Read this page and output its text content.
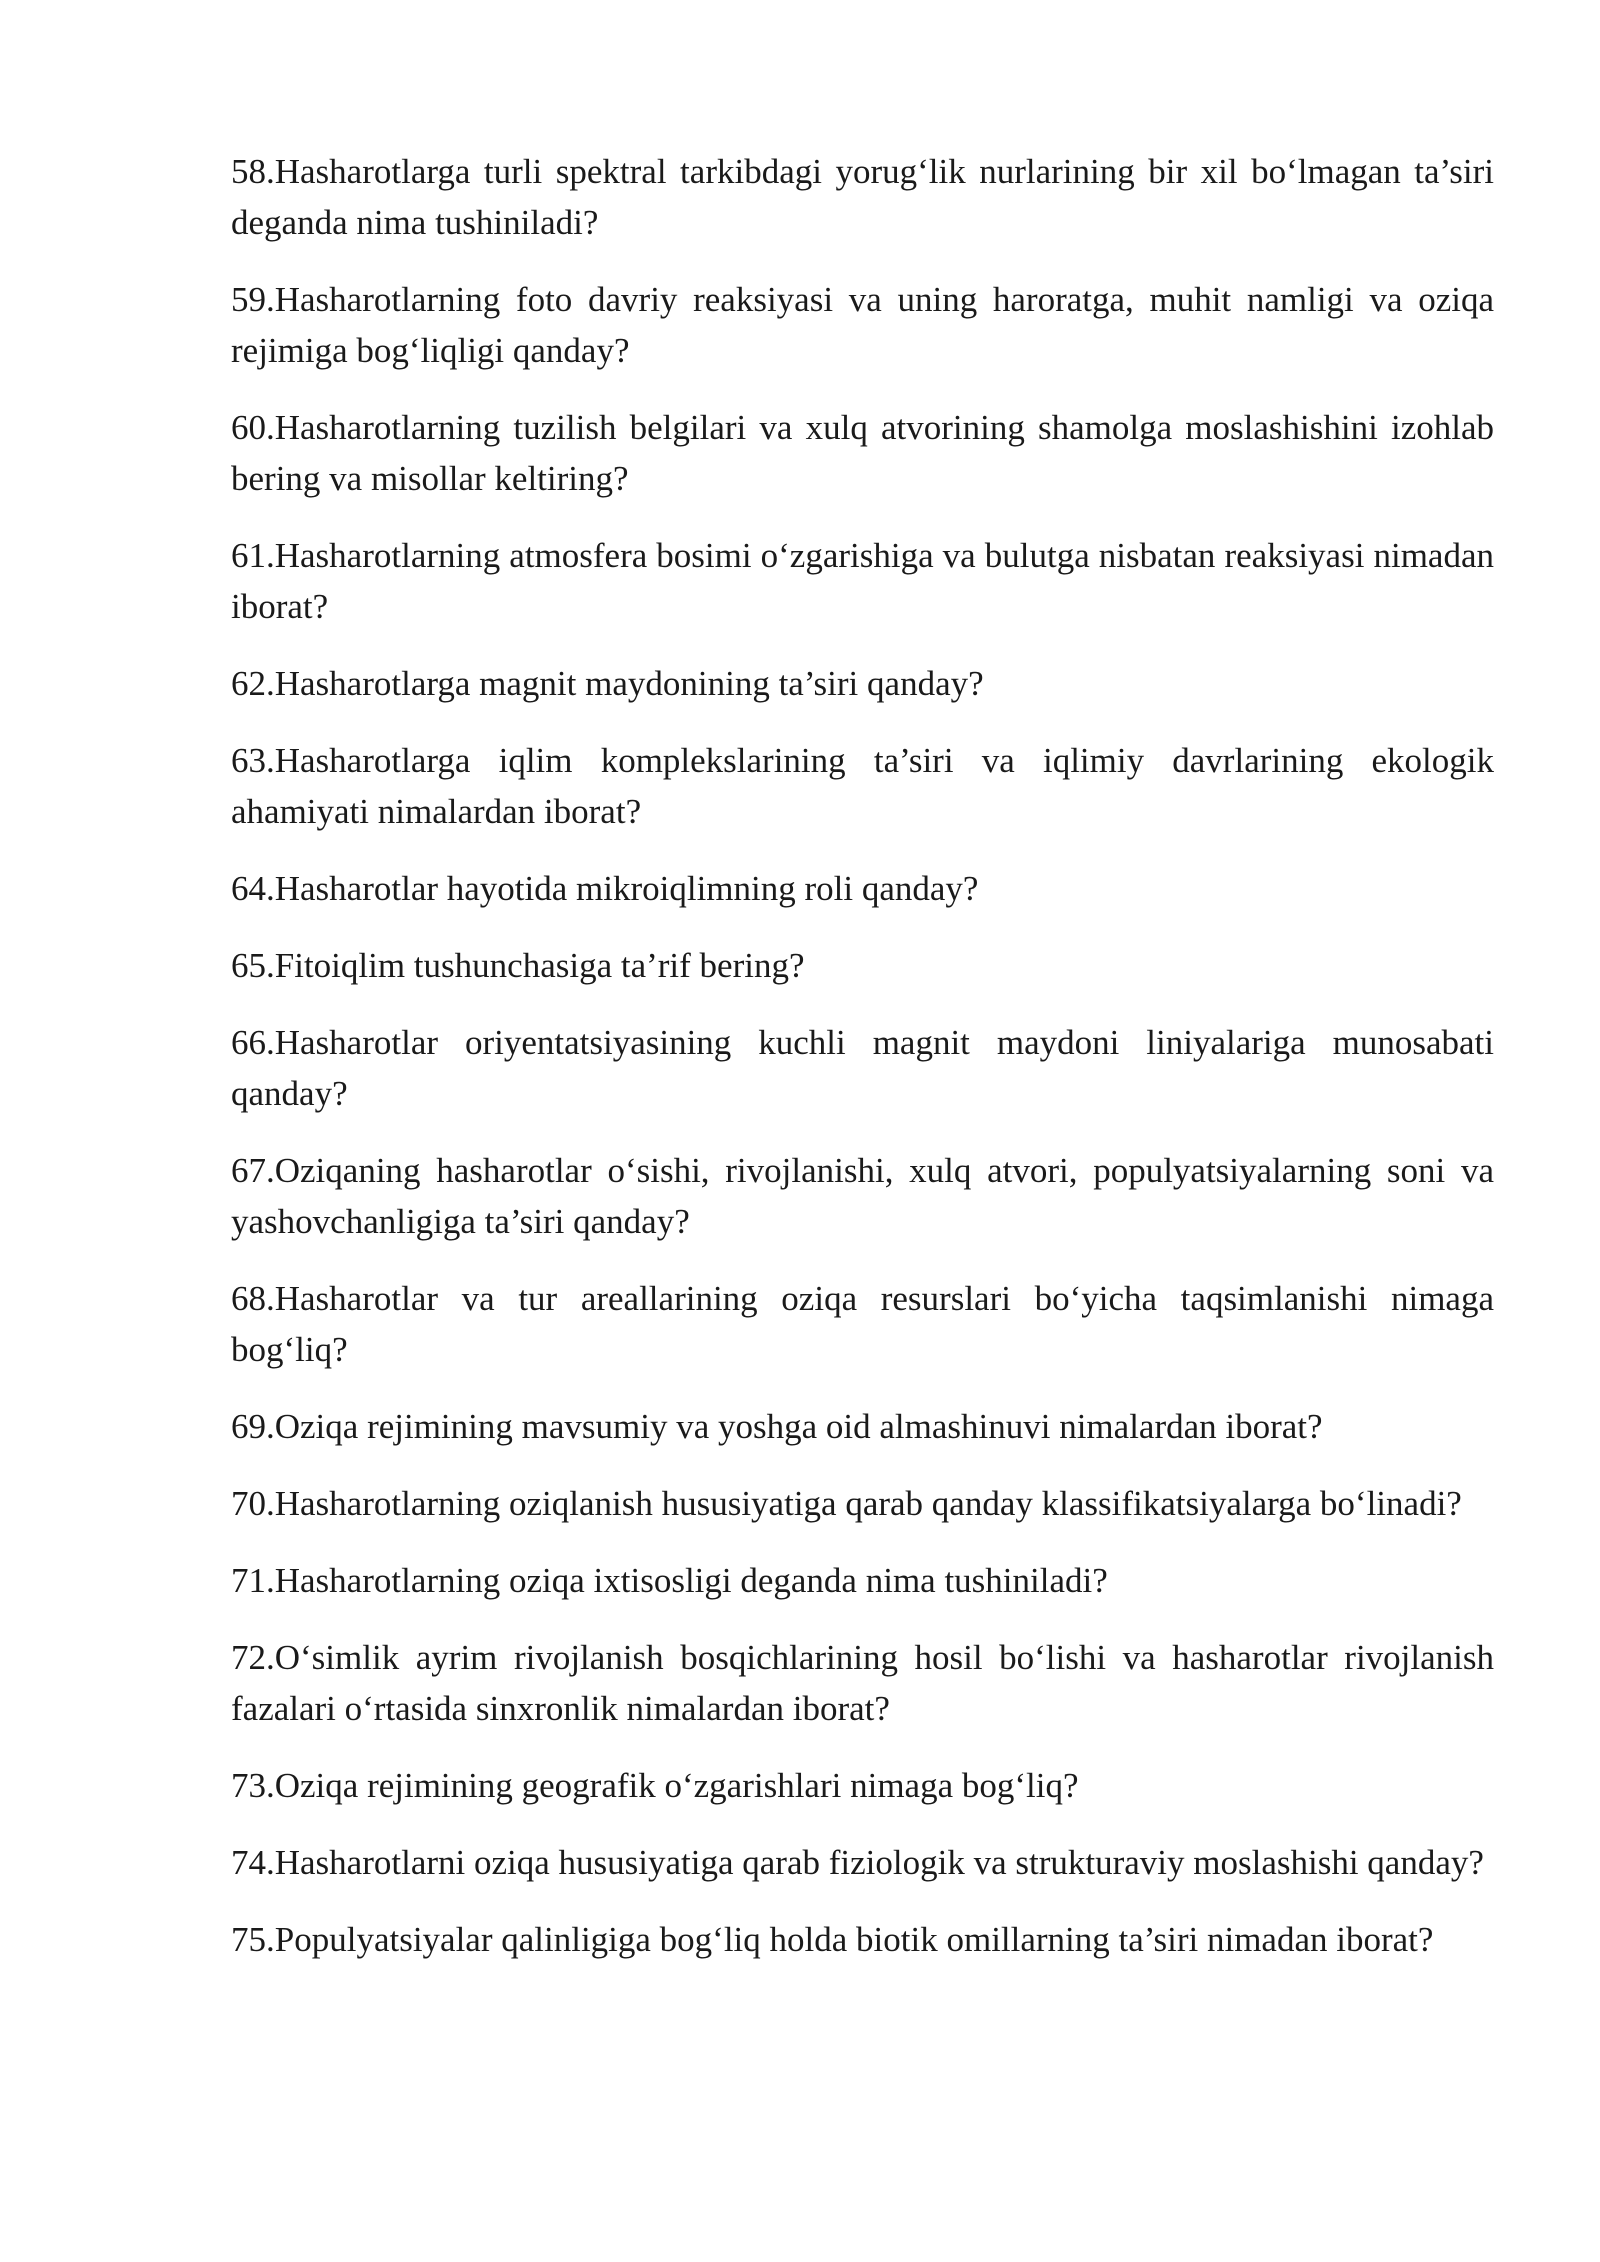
58.Hasharotlarga turli spektral tarkibdagi yorug‘lik nurlarining bir xil bo‘lmagan ta’siri deganda nima tushiniladi?
59.Hasharotlarning foto davriy reaksiyasi va uning haroratga, muhit namligi va oziqa rejimiga bog‘liqligi qanday?
60.Hasharotlarning tuzilish belgilari va xulq atvorining shamolga moslashishini izohlab bering va misollar keltiring?
61.Hasharotlarning atmosfera bosimi o‘zgarishiga va bulutga nisbatan reaksiyasi nimadan iborat?
62.Hasharotlarga magnit maydonining ta’siri qanday?
63.Hasharotlarga iqlim komplekslarining ta’siri va iqlimiy davrlarining ekologik ahamiyati nimalardan iborat?
64.Hasharotlar hayotida mikroiqlimning roli qanday?
65.Fitoiqlim tushunchasiga ta’rif bering?
66.Hasharotlar oriyentatsiyasining kuchli magnit maydoni liniyalariga munosabati qanday?
67.Oziqaning hasharotlar o‘sishi, rivojlanishi, xulq atvori, populyatsiyalarning soni va yashovchanligiga ta’siri qanday?
68.Hasharotlar va tur areallarining oziqa resurslari bo‘yicha taqsimlanishi nimaga bog‘liq?
69.Oziqa rejimining mavsumiy va yoshga oid almashinuvi nimalardan iborat?
70.Hasharotlarning oziqlanish hususiyatiga qarab qanday klassifikatsiyalarga bo‘linadi?
71.Hasharotlarning oziqa ixtisosligi deganda nima tushiniladi?
72.O‘simlik ayrim rivojlanish bosqichlarining hosil bo‘lishi va hasharotlar rivojlanish fazalari o‘rtasida sinxronlik nimalardan iborat?
73.Oziqa rejimining geografik o‘zgarishlari nimaga bog‘liq?
74.Hasharotlarni oziqa hususiyatiga qarab fiziologik va strukturaviy moslashishi qanday?
75.Populyatsiyalar qalinligiga bog‘liq holda biotik omillarning ta’siri nimadan iborat?
